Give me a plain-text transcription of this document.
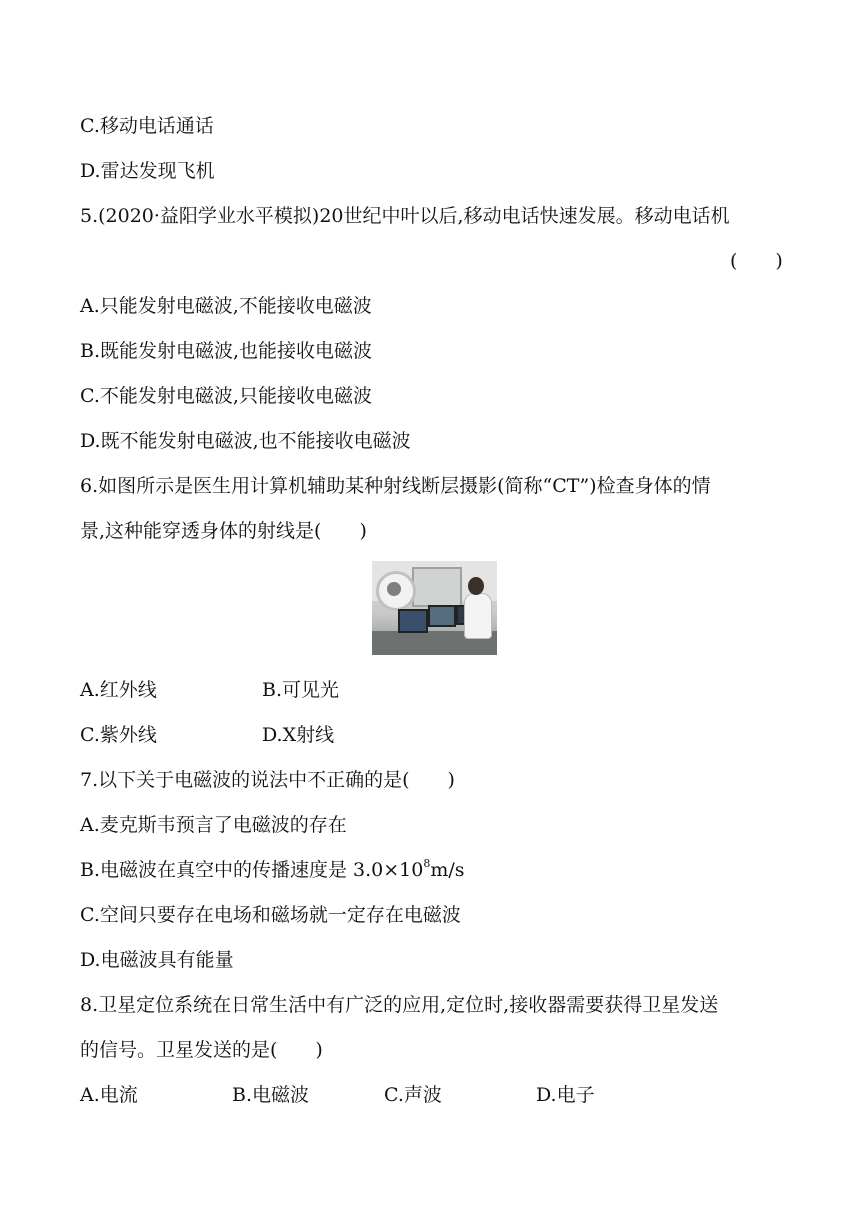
C.移动电话通话
D.雷达发现飞机
5.(2020·益阳学业水平模拟)20世纪中叶以后,移动电话快速发展。移动电话机
(　　)
A.只能发射电磁波,不能接收电磁波
B.既能发射电磁波,也能接收电磁波
C.不能发射电磁波,只能接收电磁波
D.既不能发射电磁波,也不能接收电磁波
6.如图所示是医生用计算机辅助某种射线断层摄影(简称“CT”)检查身体的情
景,这种能穿透身体的射线是(　　)
A.红外线	B.可见光
C.紫外线	D.X射线
7.以下关于电磁波的说法中不正确的是(　　)
A.麦克斯韦预言了电磁波的存在
B.电磁波在真空中的传播速度是 $3.0\times 10^8m/s$
C.空间只要存在电场和磁场就一定存在电磁波
D.电磁波具有能量
8.卫星定位系统在日常生活中有广泛的应用,定位时,接收器需要获得卫星发送
的信号。卫星发送的是(　　)
A.电流	B.电磁波	C.声波	D.电子
